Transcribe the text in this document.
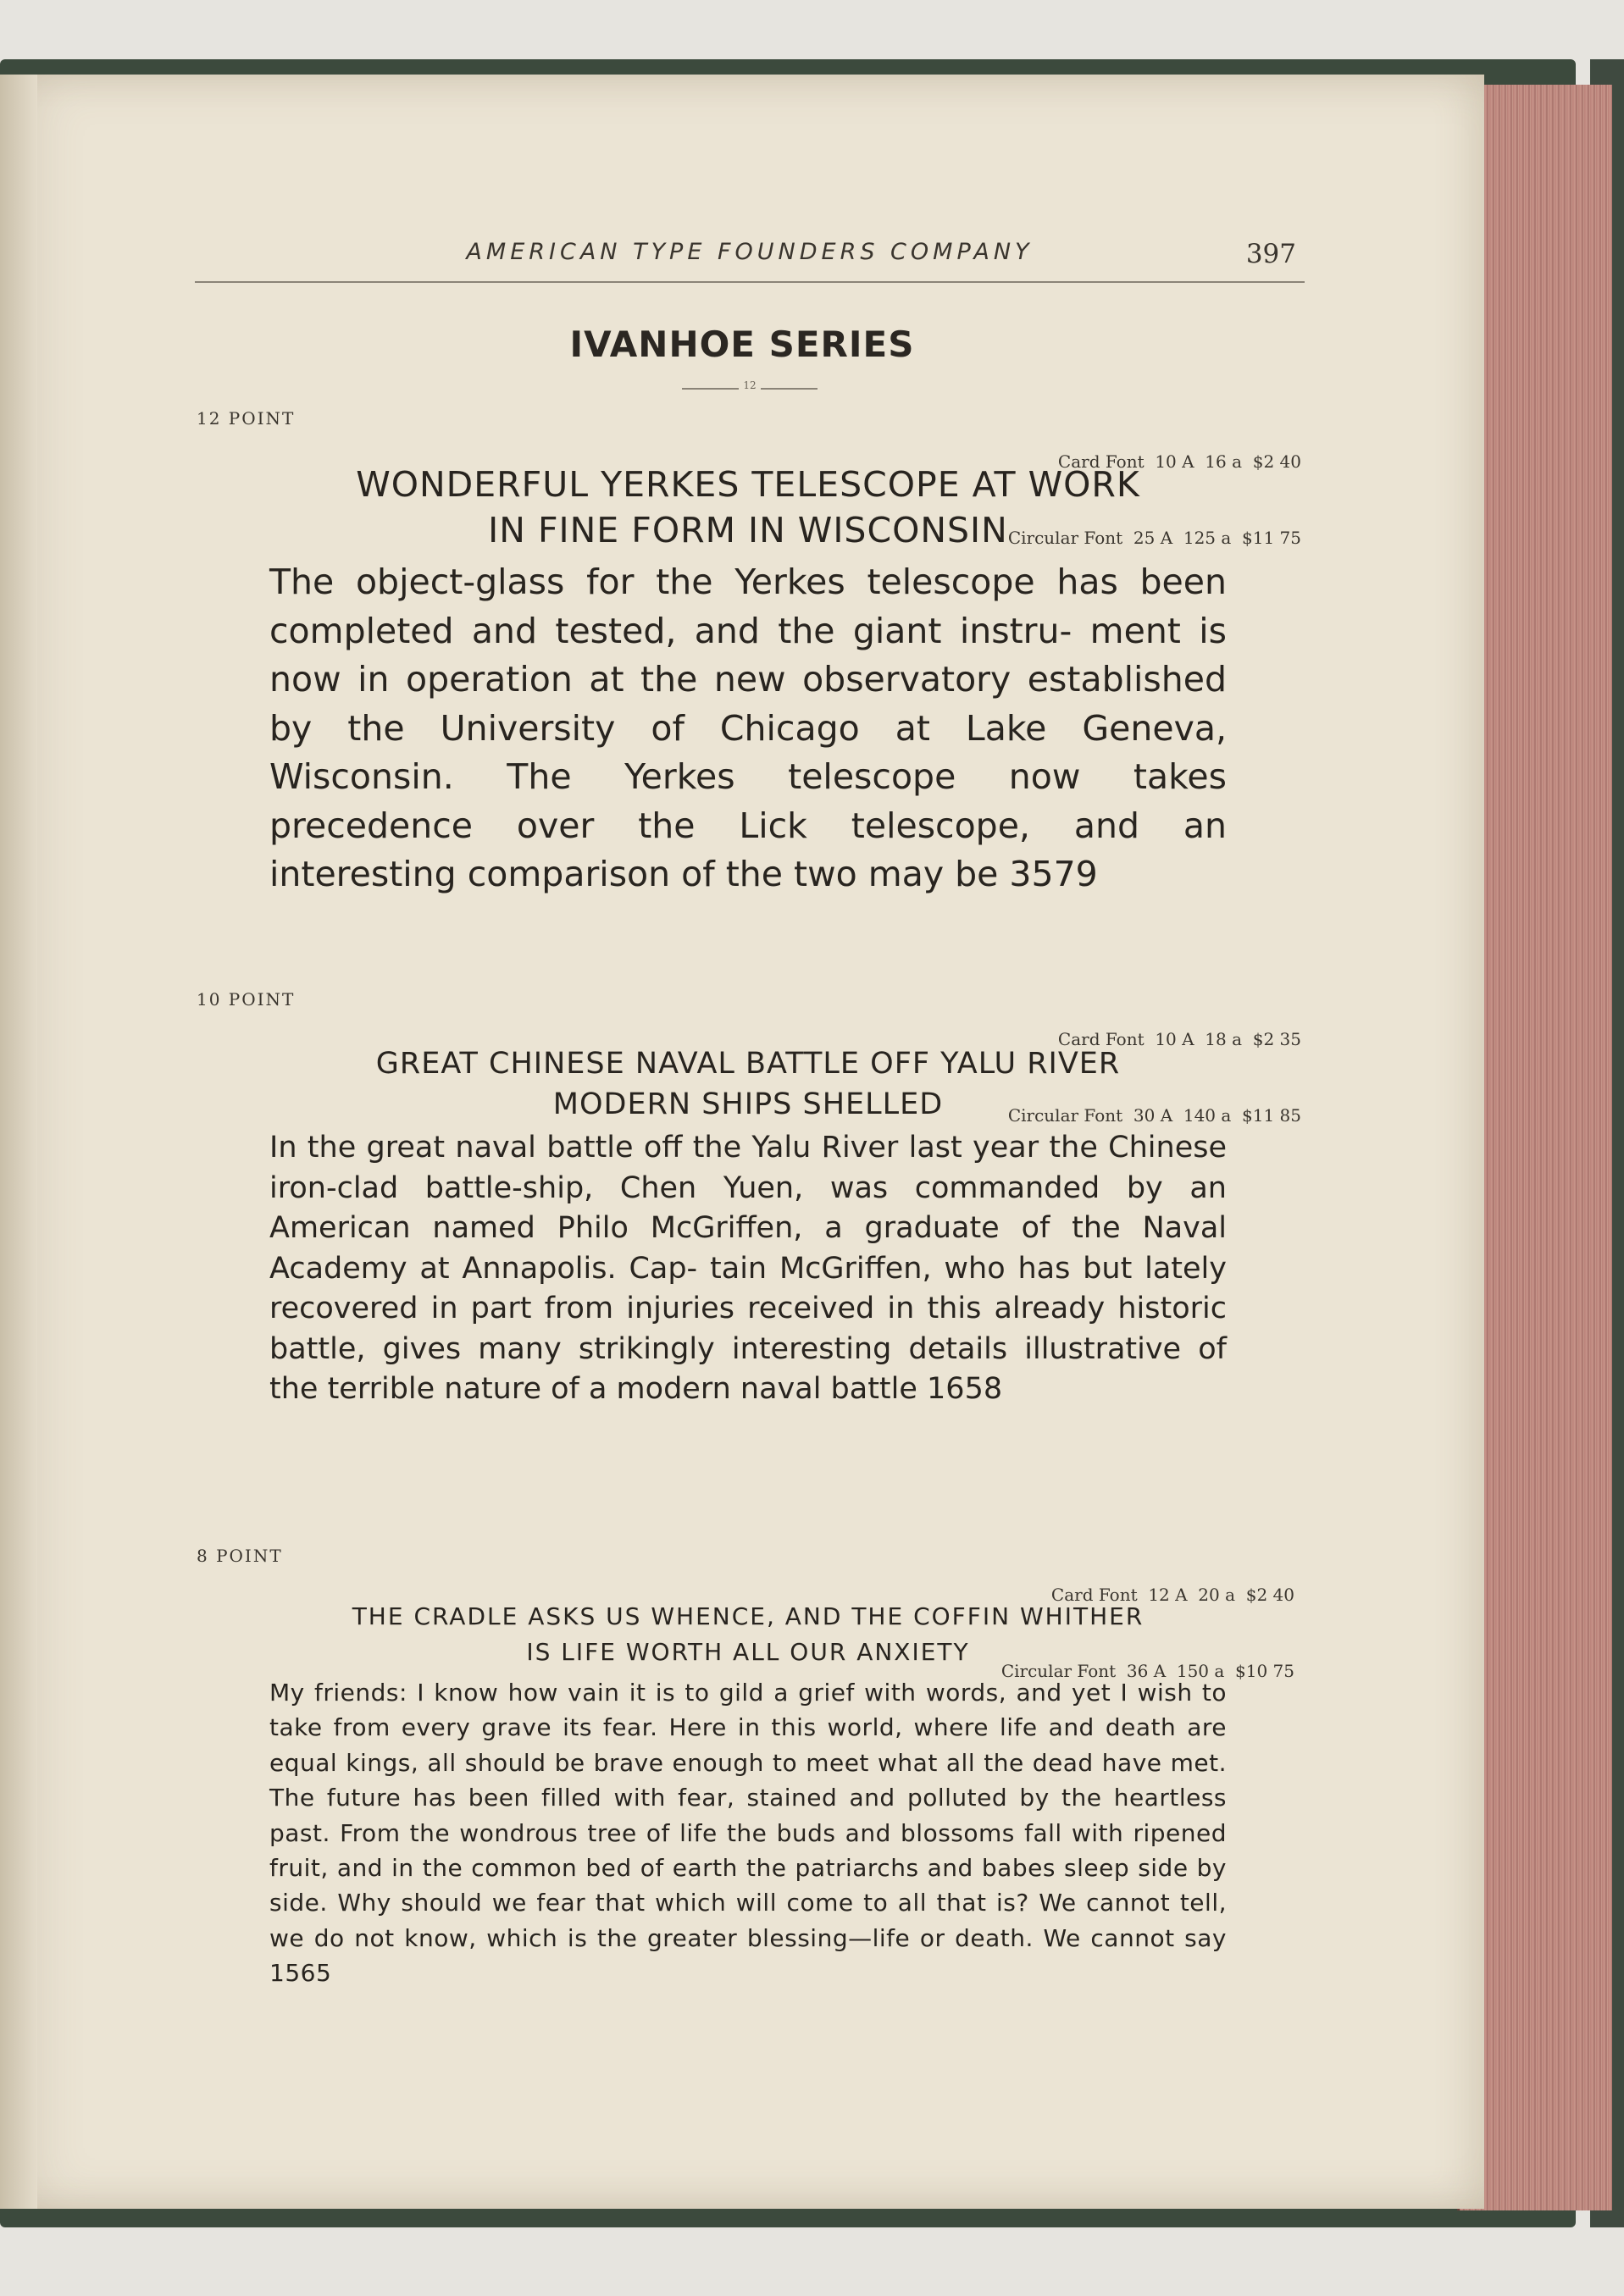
AMERICAN TYPE FOUNDERS COMPANY	397
IVANHOE SERIES
12
12 POINT

Card Font  10 A  16 a  $2 40

Circular Font  25 A  125 a  $11 75

WONDERFUL YERKES TELESCOPE AT WORK
IN FINE FORM IN WISCONSIN
The object-glass for the Yerkes telescope has been completed and tested, and the giant instru- ment is now in operation at the new observatory established by the University of Chicago at Lake Geneva, Wisconsin. The Yerkes telescope now takes precedence over the Lick telescope, and an interesting comparison of the two may be 3579
10 POINT

Card Font  10 A  18 a  $2 35

Circular Font  30 A  140 a  $11 85

GREAT CHINESE NAVAL BATTLE OFF YALU RIVER
MODERN SHIPS SHELLED
In the great naval battle off the Yalu River last year the Chinese iron-clad battle-ship, Chen Yuen, was commanded by an American named Philo McGriffen, a graduate of the Naval Academy at Annapolis. Cap- tain McGriffen, who has but lately recovered in part from injuries received in this already historic battle, gives many strikingly interesting details illustrative of the terrible nature of a modern naval battle 1658
8 POINT

Card Font  12 A  20 a  $2 40

Circular Font  36 A  150 a  $10 75

THE CRADLE ASKS US WHENCE, AND THE COFFIN WHITHER
IS LIFE WORTH ALL OUR ANXIETY
My friends: I know how vain it is to gild a grief with words, and yet I wish to take from every grave its fear. Here in this world, where life and death are equal kings, all should be brave enough to meet what all the dead have met. The future has been filled with fear, stained and polluted by the heartless past. From the wondrous tree of life the buds and blossoms fall with ripened fruit, and in the common bed of earth the patriarchs and babes sleep side by side. Why should we fear that which will come to all that is? We cannot tell, we do not know, which is the greater blessing—life or death. We cannot say 1565
